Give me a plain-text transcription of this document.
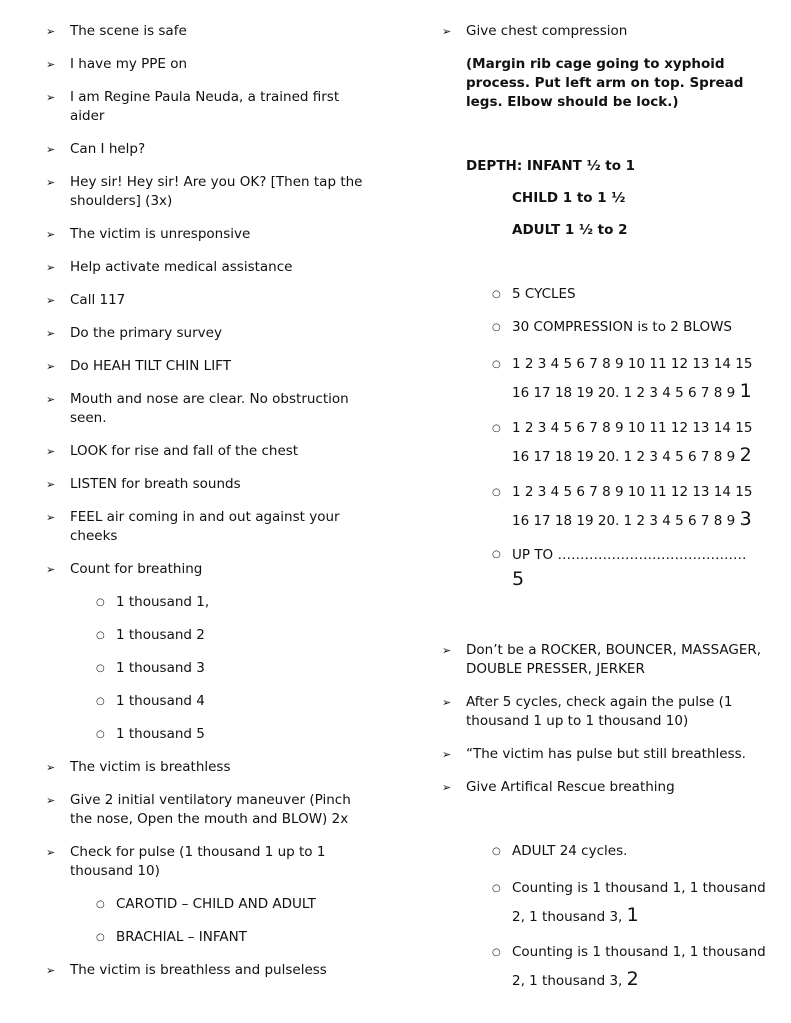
➢ The scene is safe
➢ I have my PPE on
➢ I am Regine Paula Neuda, a trained first aider
➢ Can I help?
➢ Hey sir! Hey sir! Are you OK? [Then tap the shoulders] (3x)
➢ The victim is unresponsive
➢ Help activate medical assistance
➢ Call 117
➢ Do the primary survey
➢ Do HEAH TILT CHIN LIFT
➢ Mouth and nose are clear. No obstruction seen.
➢ LOOK for rise and fall of the chest
➢ LISTEN for breath sounds
➢ FEEL air coming in and out against your cheeks
➢ Count for breathing
○ 1 thousand 1,
○ 1 thousand 2
○ 1 thousand 3
○ 1 thousand 4
○ 1 thousand 5
➢ The victim is breathless
➢ Give 2 initial ventilatory maneuver (Pinch the nose, Open the mouth and BLOW) 2x
➢ Check for pulse (1 thousand 1 up to 1 thousand 10)
○ CAROTID – CHILD AND ADULT
○ BRACHIAL – INFANT
➢ The victim is breathless and pulseless
➢ Give chest compression
(Margin rib cage going to xyphoid process. Put left arm on top. Spread legs. Elbow should be lock.)
DEPTH: INFANT ½ to 1
CHILD 1 to 1 ½
ADULT 1 ½ to 2
○ 5 CYCLES
○ 30 COMPRESSION is to 2 BLOWS
○ 1 2 3 4 5 6 7 8 9 10 11 12 13 14 15 16 17 18 19 20. 1 2 3 4 5 6 7 8 9 1
○ 1 2 3 4 5 6 7 8 9 10 11 12 13 14 15 16 17 18 19 20. 1 2 3 4 5 6 7 8 9 2
○ 1 2 3 4 5 6 7 8 9 10 11 12 13 14 15 16 17 18 19 20. 1 2 3 4 5 6 7 8 9 3
○ UP TO ……………………………………
5
➢ Don’t be a ROCKER, BOUNCER, MASSAGER, DOUBLE PRESSER, JERKER
➢ After 5 cycles, check again the pulse (1 thousand 1 up to 1 thousand 10)
➢ “The victim has pulse but still breathless.
➢ Give Artifical Rescue breathing
○ ADULT 24 cycles.
○ Counting is 1 thousand 1, 1 thousand 2, 1 thousand 3, 1
○ Counting is 1 thousand 1, 1 thousand 2, 1 thousand 3, 2
